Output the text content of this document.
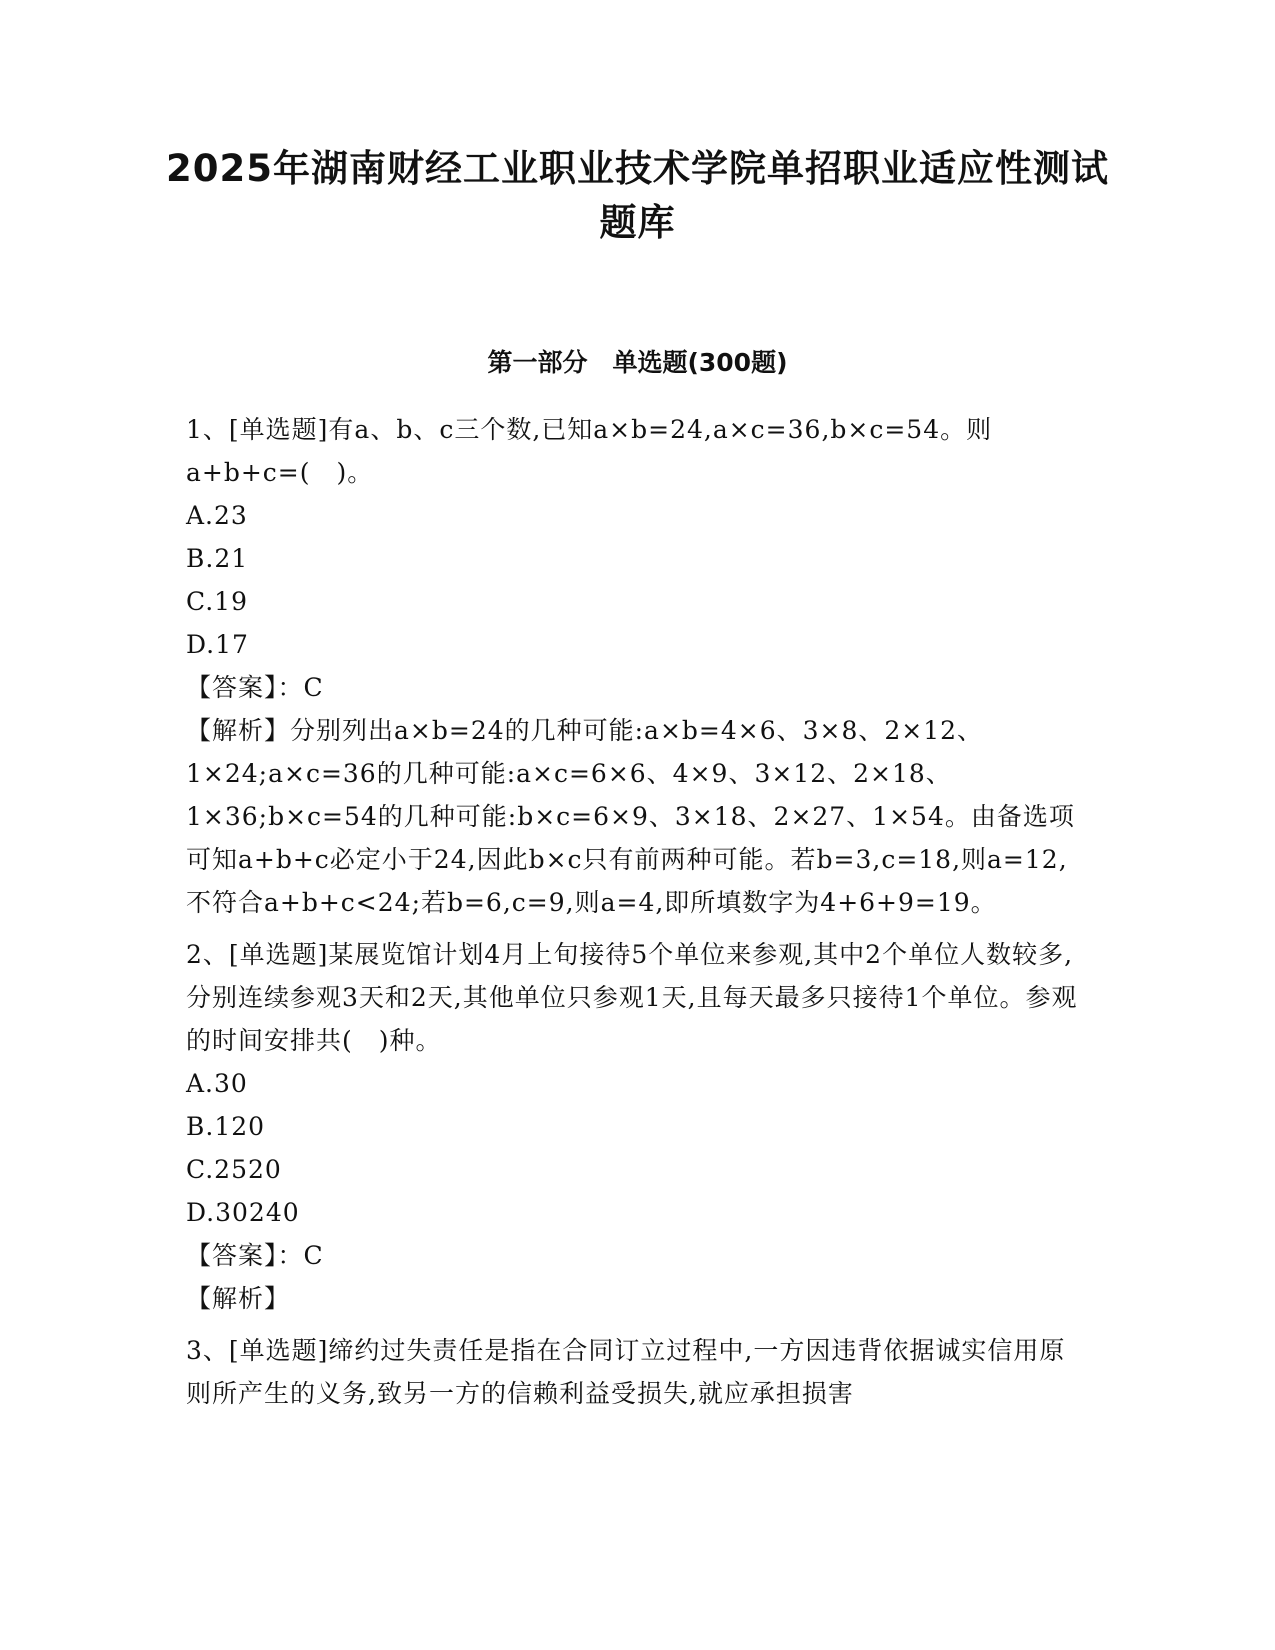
2025年湖南财经工业职业技术学院单招职业适应性测试题库
第一部分　单选题(300题)

1、[单选题]有a、b、c三个数,已知a×b=24,a×c=36,b×c=54。则a+b+c=(　)。

A.23

B.21

C.19

D.17

【答案】：C

【解析】分别列出a×b=24的几种可能:a×b=4×6、3×8、2×12、1×24;a×c=36的几种可能:a×c=6×6、4×9、3×12、2×18、1×36;b×c=54的几种可能:b×c=6×9、3×18、2×27、1×54。由备选项可知a+b+c必定小于24,因此b×c只有前两种可能。若b=3,c=18,则a=12,不符合a+b+c<24;若b=6,c=9,则a=4,即所填数字为4+6+9=19。

2、[单选题]某展览馆计划4月上旬接待5个单位来参观,其中2个单位人数较多,分别连续参观3天和2天,其他单位只参观1天,且每天最多只接待1个单位。参观的时间安排共(　)种。

A.30

B.120

C.2520

D.30240

【答案】：C

【解析】

3、[单选题]缔约过失责任是指在合同订立过程中,一方因违背依据诚实信用原则所产生的义务,致另一方的信赖利益受损失,就应承担损害
